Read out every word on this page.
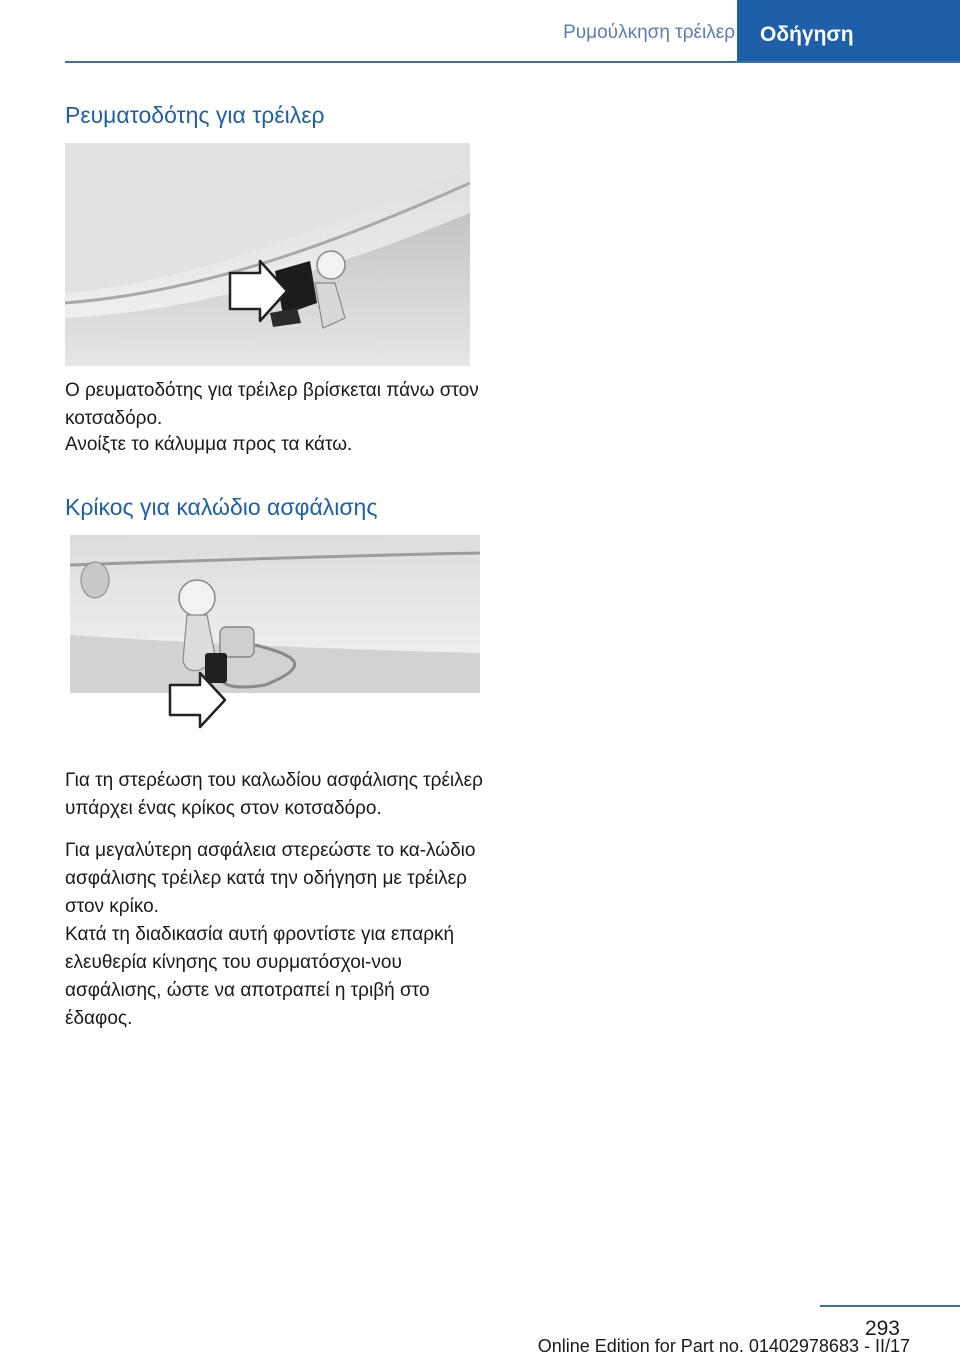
Ρυμούλκηση τρέιλερ	Οδήγηση
Ρευματοδότης για τρέιλερ

Ο ρευματοδότης για τρέιλερ βρίσκεται πάνω στον κοτσαδόρο.

Ανοίξτε το κάλυμμα προς τα κάτω.

Κρίκος για καλώδιο ασφάλισης

Για τη στερέωση του καλωδίου ασφάλισης τρέιλερ υπάρχει ένας κρίκος στον κοτσαδόρο.

Για μεγαλύτερη ασφάλεια στερεώστε το κα-λώδιο ασφάλισης τρέιλερ κατά την οδήγηση με τρέιλερ στον κρίκο.

Κατά τη διαδικασία αυτή φροντίστε για επαρκή ελευθερία κίνησης του συρματόσχοι-νου ασφάλισης, ώστε να αποτραπεί η τριβή στο έδαφος.

293
Online Edition for Part no. 01402978683 - II/17
